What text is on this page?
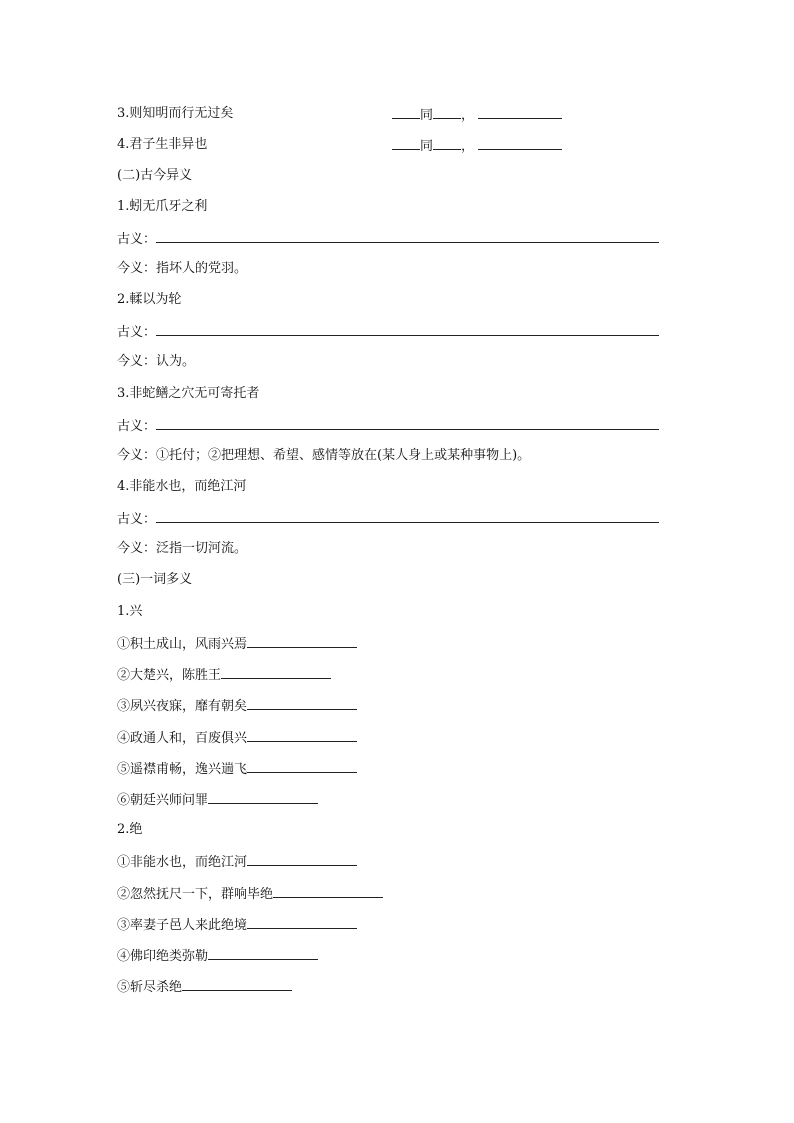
3.则知明而行无过矣	同 ，
4.君子生非异也	同 ，
(二)古今异义
1.蚓无爪牙之利
古义：
今义：指坏人的党羽。
2.輮以为轮
古义：
今义：认为。
3.非蛇鳝之穴无可寄托者
古义：
今义：①托付；②把理想、希望、感情等放在(某人身上或某种事物上)。
4.非能水也，而绝江河
古义：
今义：泛指一切河流。
(三)一词多义
1.兴
①积土成山，风雨兴焉
②大楚兴，陈胜王
③夙兴夜寐，靡有朝矣
④政通人和，百废俱兴
⑤遥襟甫畅，逸兴遄飞
⑥朝廷兴师问罪
2.绝
①非能水也，而绝江河
②忽然抚尺一下，群响毕绝
③率妻子邑人来此绝境
④佛印绝类弥勒
⑤斩尽杀绝
